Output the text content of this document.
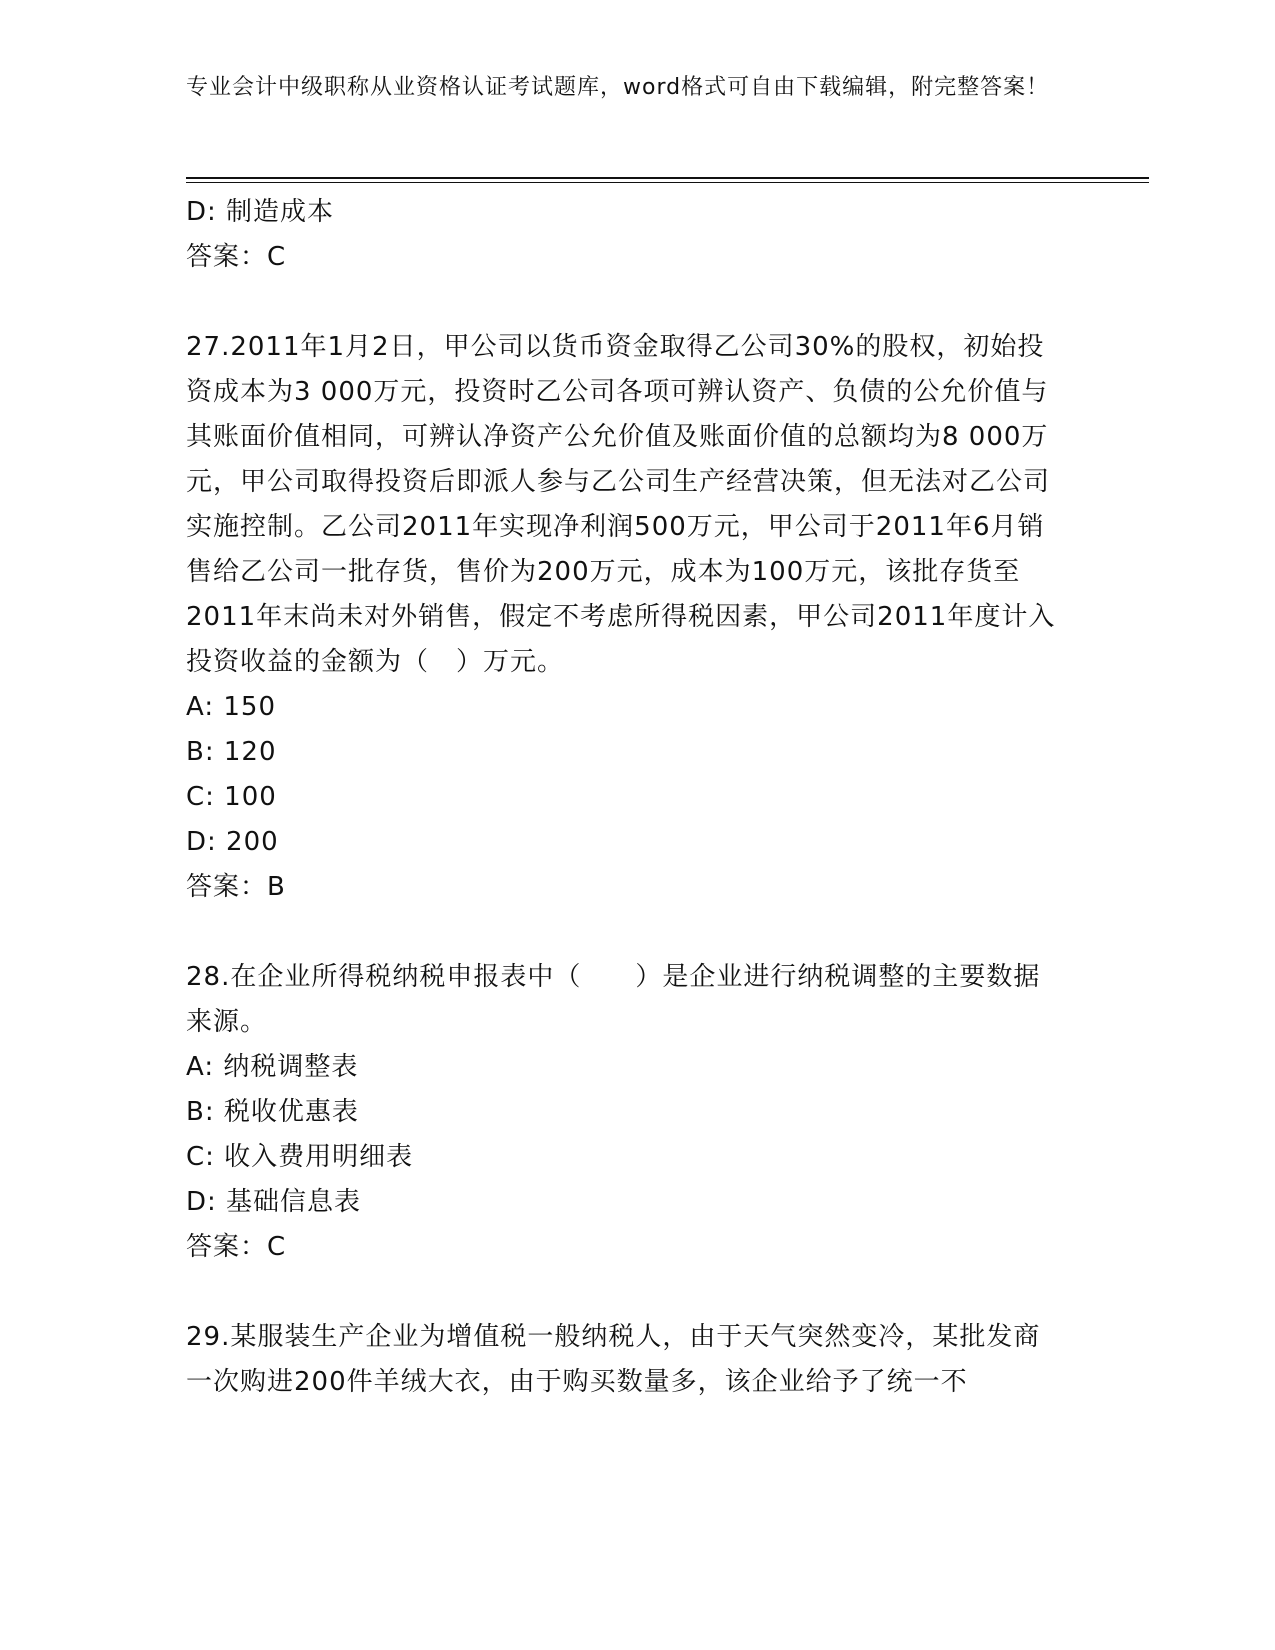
专业会计中级职称从业资格认证考试题库，word格式可自由下载编辑，附完整答案！
D: 制造成本
答案：C
27.2011年1月2日，甲公司以货币资金取得乙公司30%的股权，初始投资成本为3 000万元，投资时乙公司各项可辨认资产、负债的公允价值与其账面价值相同，可辨认净资产公允价值及账面价值的总额均为8 000万元，甲公司取得投资后即派人参与乙公司生产经营决策，但无法对乙公司实施控制。乙公司2011年实现净利润500万元，甲公司于2011年6月销售给乙公司一批存货，售价为200万元，成本为100万元，该批存货至2011年末尚未对外销售，假定不考虑所得税因素，甲公司2011年度计入投资收益的金额为（　）万元。
A: 150
B: 120
C: 100
D: 200
答案：B
28.在企业所得税纳税申报表中（　　）是企业进行纳税调整的主要数据来源。
A: 纳税调整表
B: 税收优惠表
C: 收入费用明细表
D: 基础信息表
答案：C
29.某服装生产企业为增值税一般纳税人，由于天气突然变冷，某批发商一次购进200件羊绒大衣，由于购买数量多，该企业给予了统一不
